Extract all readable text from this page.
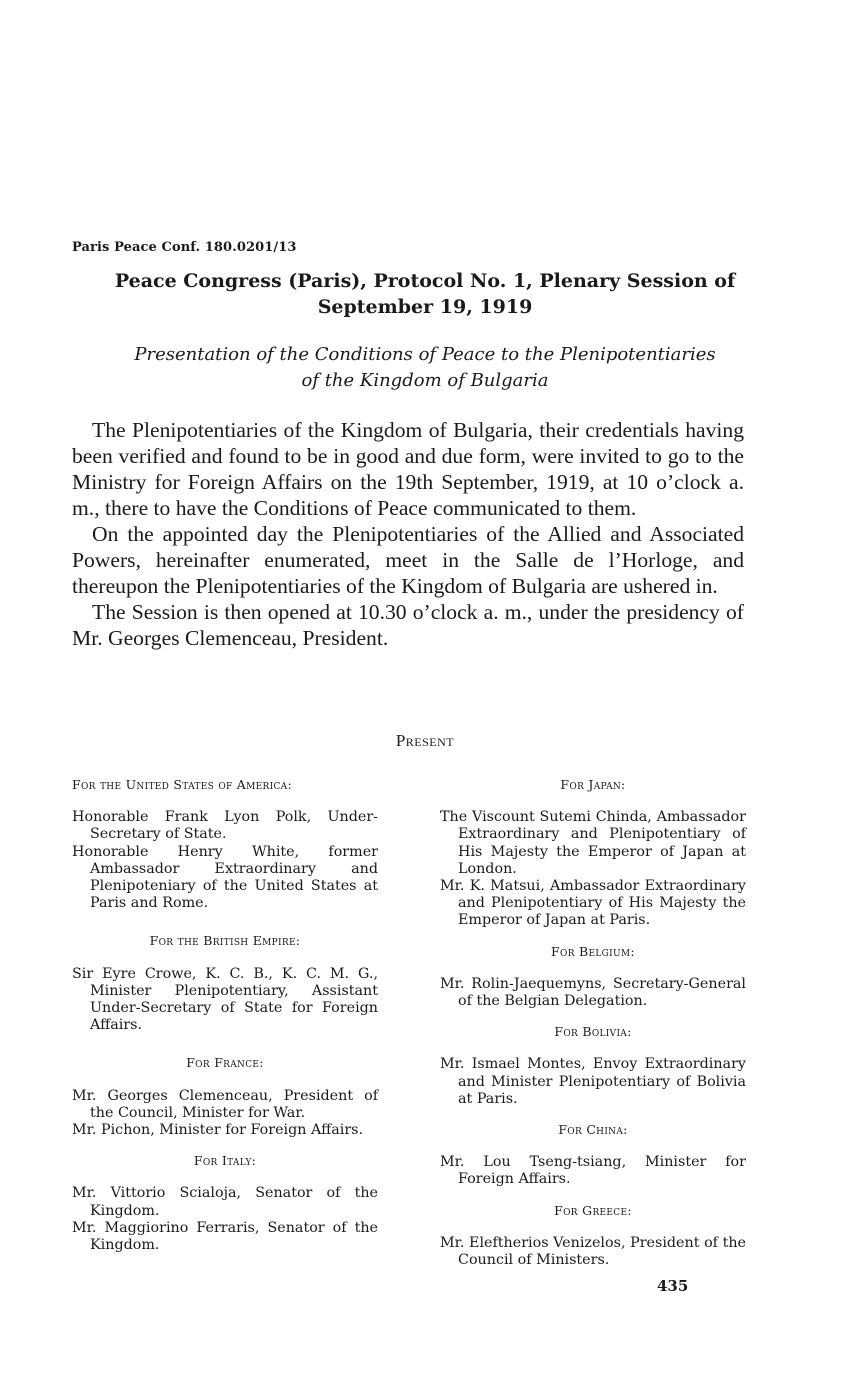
Paris Peace Conf. 180.0201/13
Peace Congress (Paris), Protocol No. 1, Plenary Session of
September 19, 1919
Presentation of the Conditions of Peace to the Plenipotentiaries
of the Kingdom of Bulgaria

The Plenipotentiaries of the Kingdom of Bulgaria, their credentials having been verified and found to be in good and due form, were invited to go to the Ministry for Foreign Affairs on the 19th September, 1919, at 10 o’clock a. m., there to have the Conditions of Peace communicated to them.

On the appointed day the Plenipotentiaries of the Allied and Associated Powers, hereinafter enumerated, meet in the Salle de l’Horloge, and thereupon the Plenipotentiaries of the Kingdom of Bulgaria are ushered in.

The Session is then opened at 10.30 o’clock a. m., under the presidency of Mr. Georges Clemenceau, President.

Present
For the United States of America:

Honorable Frank Lyon Polk, Under-Secretary of State.

Honorable Henry White, former Ambassador Extraordinary and Plenipoteniary of the United States at Paris and Rome.

For the British Empire:

Sir Eyre Crowe, K. C. B., K. C. M. G., Minister Plenipotentiary, Assistant Under-Secretary of State for Foreign Affairs.

For France:

Mr. Georges Clemenceau, President of the Council, Minister for War.

Mr. Pichon, Minister for Foreign Affairs.

For Italy:

Mr. Vittorio Scialoja, Senator of the Kingdom.

Mr. Maggiorino Ferraris, Senator of the Kingdom.

For Japan:

The Viscount Sutemi Chinda, Ambassador Extraordinary and Plenipotentiary of His Majesty the Emperor of Japan at London.

Mr. K. Matsui, Ambassador Extraordinary and Plenipotentiary of His Majesty the Emperor of Japan at Paris.

For Belgium:

Mr. Rolin-Jaequemyns, Secretary-General of the Belgian Delegation.

For Bolivia:

Mr. Ismael Montes, Envoy Extraordinary and Minister Plenipotentiary of Bolivia at Paris.

For China:

Mr. Lou Tseng-tsiang, Minister for Foreign Affairs.

For Greece:

Mr. Eleftherios Venizelos, President of the Council of Ministers.

435
